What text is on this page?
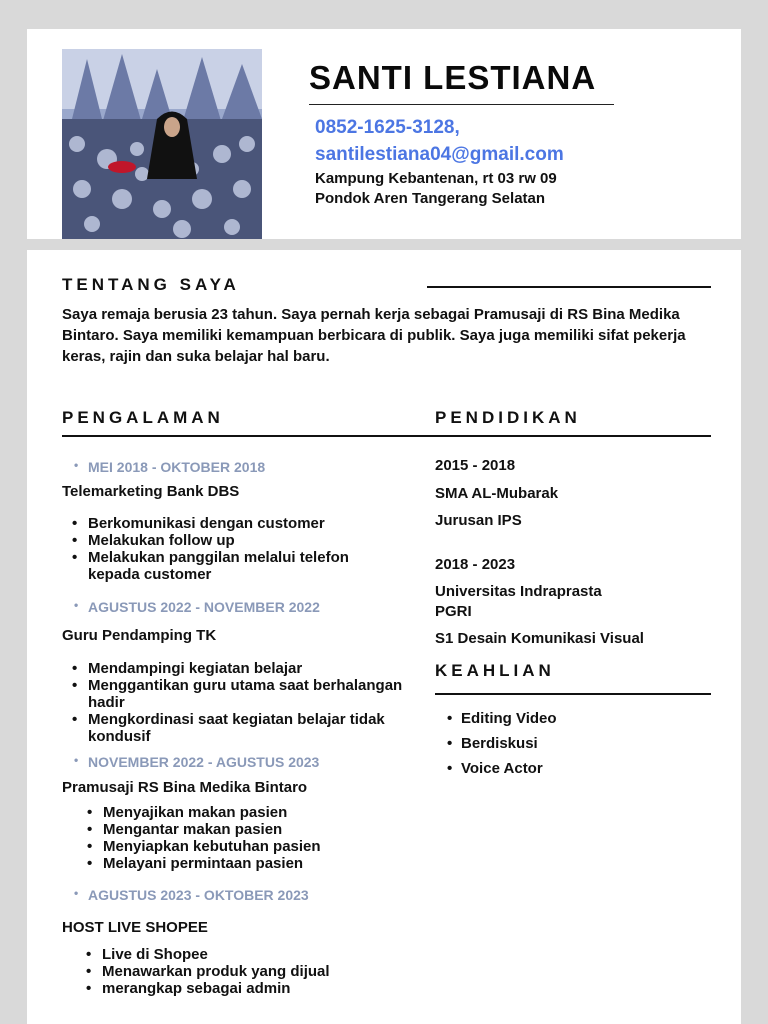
SANTI LESTIANA
0852-1625-3128,
santilestiana04@gmail.com
Kampung Kebantenan, rt 03 rw 09
Pondok Aren Tangerang Selatan
TENTANG SAYA
Saya remaja berusia 23 tahun. Saya pernah kerja sebagai Pramusaji di RS Bina Medika Bintaro. Saya memiliki kemampuan berbicara di publik. Saya juga memiliki sifat pekerja keras, rajin dan suka belajar hal baru.
PENGALAMAN	PENDIDIKAN
• MEI 2018 - OKTOBER 2018
Telemarketing Bank DBS
• Berkomunikasi dengan customer
• Melakukan follow up
• Melakukan panggilan melalui telefon kepada customer
• AGUSTUS 2022 - NOVEMBER 2022
Guru Pendamping TK
• Mendampingi kegiatan belajar
• Menggantikan guru utama saat berhalangan hadir
• Mengkordinasi saat kegiatan belajar tidak kondusif
• NOVEMBER 2022 - AGUSTUS 2023
Pramusaji RS Bina Medika Bintaro
• Menyajikan makan pasien
• Mengantar makan pasien
• Menyiapkan kebutuhan pasien
• Melayani permintaan pasien
• AGUSTUS 2023 - OKTOBER 2023
HOST LIVE SHOPEE
• Live di Shopee
• Menawarkan produk yang dijual
• merangkap sebagai admin
2015 - 2018
SMA AL-Mubarak
Jurusan IPS
2018 - 2023
Universitas Indraprasta PGRI
S1 Desain Komunikasi Visual
KEAHLIAN
• Editing Video
• Berdiskusi
• Voice Actor
